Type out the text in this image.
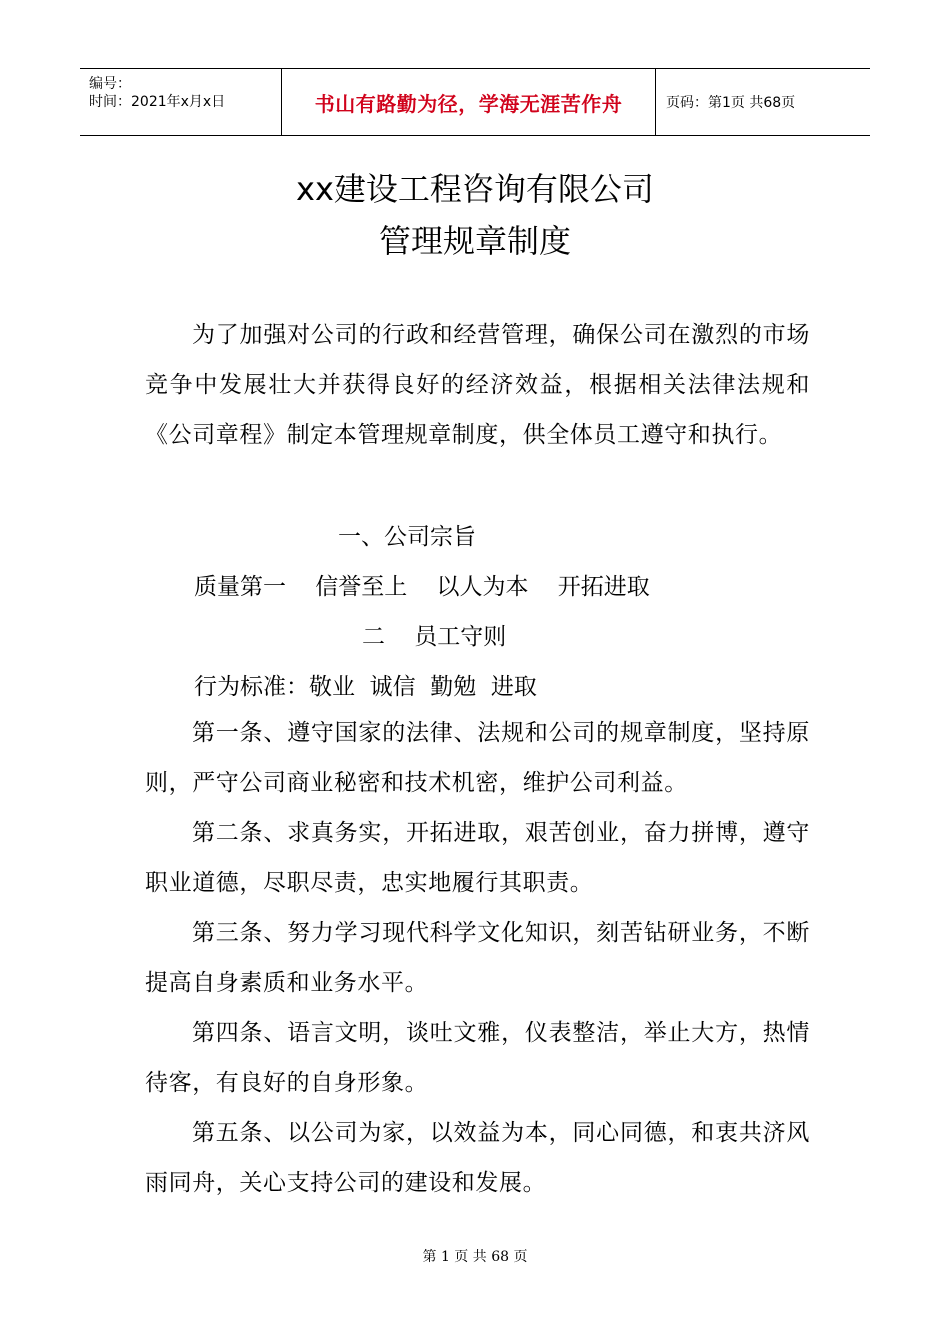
编号：
时间：2021年x月x日	书山有路勤为径，学海无涯苦作舟	页码：第1页 共68页
xx建设工程咨询有限公司
管理规章制度

为了加强对公司的行政和经营管理，确保公司在激烈的市场竞争中发展壮大并获得良好的经济效益，根据相关法律法规和《公司章程》制定本管理规章制度，供全体员工遵守和执行。

一、公司宗旨
质量第一    信誉至上    以人为本    开拓进取
二    员工守则
行为标准：敬业  诚信  勤勉  进取

第一条、遵守国家的法律、法规和公司的规章制度，坚持原则，严守公司商业秘密和技术机密，维护公司利益。

第二条、求真务实，开拓进取，艰苦创业，奋力拼博，遵守职业道德，尽职尽责，忠实地履行其职责。

第三条、努力学习现代科学文化知识，刻苦钻研业务，不断提高自身素质和业务水平。

第四条、语言文明，谈吐文雅，仪表整洁，举止大方，热情待客，有良好的自身形象。

第五条、以公司为家，以效益为本，同心同德，和衷共济风雨同舟，关心支持公司的建设和发展。

第 1 页 共 68 页
